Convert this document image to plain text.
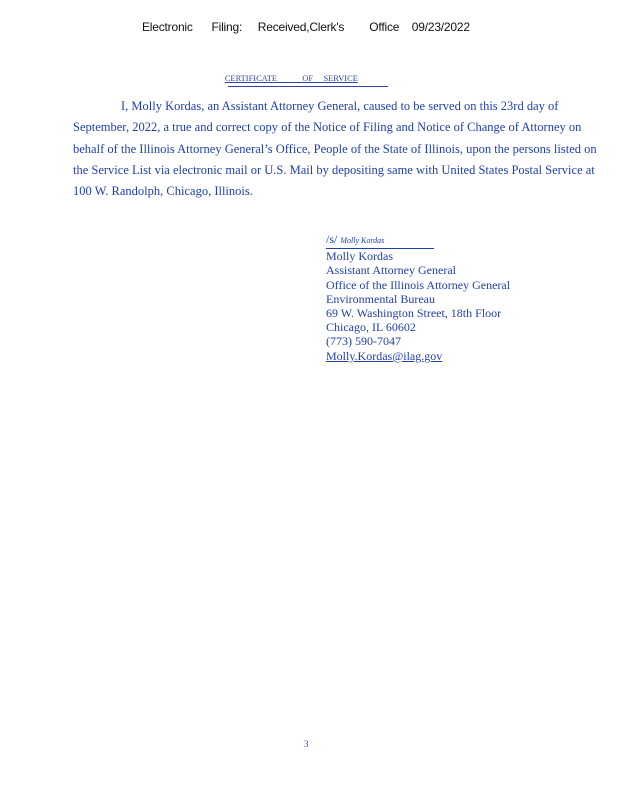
Electronic      Filing:     Received,Clerk's        Office    09/23/2022
CERTIFICATE            OF     SERVICE
I, Molly Kordas, an Assistant Attorney General, caused to be served on this 23rd day of September, 2022, a true and correct copy of the Notice of Filing and Notice of Change of Attorney on behalf of the Illinois Attorney General’s Office, People of the State of Illinois, upon the persons listed on the Service List via electronic mail or U.S. Mail by depositing same with United States Postal Service at 100 W. Randolph, Chicago, Illinois.
/s/ Molly Kordas
Molly Kordas
Assistant Attorney General
Office of the Illinois Attorney General
Environmental Bureau
69 W. Washington Street, 18th Floor
Chicago, IL 60602
(773) 590-7047
Molly.Kordas@ilag.gov
3
